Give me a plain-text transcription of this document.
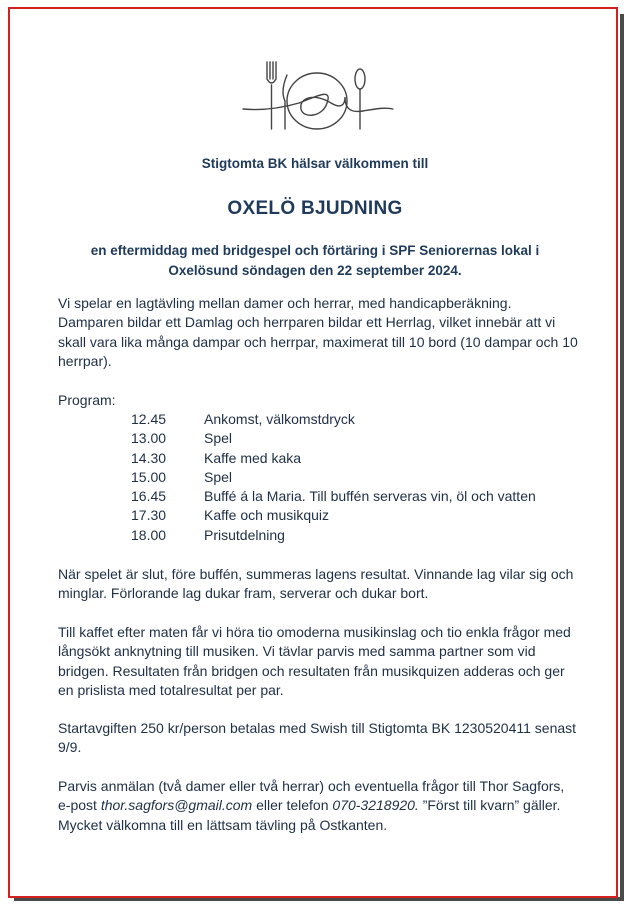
Stigtomta BK hälsar välkommen till
OXELÖ BJUDNING
en eftermiddag med bridgespel och förtäring i SPF Seniorernas lokal i Oxelösund söndagen den 22 september 2024.
Vi spelar en lagtävling mellan damer och herrar, med handicapberäkning. Damparen bildar ett Damlag och herrparen bildar ett Herrlag, vilket innebär att vi skall vara lika många dampar och herrpar, maximerat till 10 bord (10 dampar och 10 herrpar).
Program:
12.45	Ankomst, välkomstdryck
13.00	Spel
14.30	Kaffe med kaka
15.00	Spel
16.45	Buffé á la Maria. Till buffén serveras vin, öl och vatten
17.30	Kaffe och musikquiz
18.00	Prisutdelning
När spelet är slut, före buffén, summeras lagens resultat. Vinnande lag vilar sig och minglar. Förlorande lag dukar fram, serverar och dukar bort.
Till kaffet efter maten får vi höra tio omoderna musikinslag och tio enkla frågor med långsökt anknytning till musiken. Vi tävlar parvis med samma partner som vid bridgen. Resultaten från bridgen och resultaten från musikquizen adderas och ger en prislista med totalresultat per par.
Startavgiften 250 kr/person betalas med Swish till Stigtomta BK 1230520411 senast 9/9.
Parvis anmälan (två damer eller två herrar) och eventuella frågor till Thor Sagfors, e-post thor.sagfors@gmail.com eller telefon 070-3218920. ”Först till kvarn” gäller. Mycket välkomna till en lättsam tävling på Ostkanten.
